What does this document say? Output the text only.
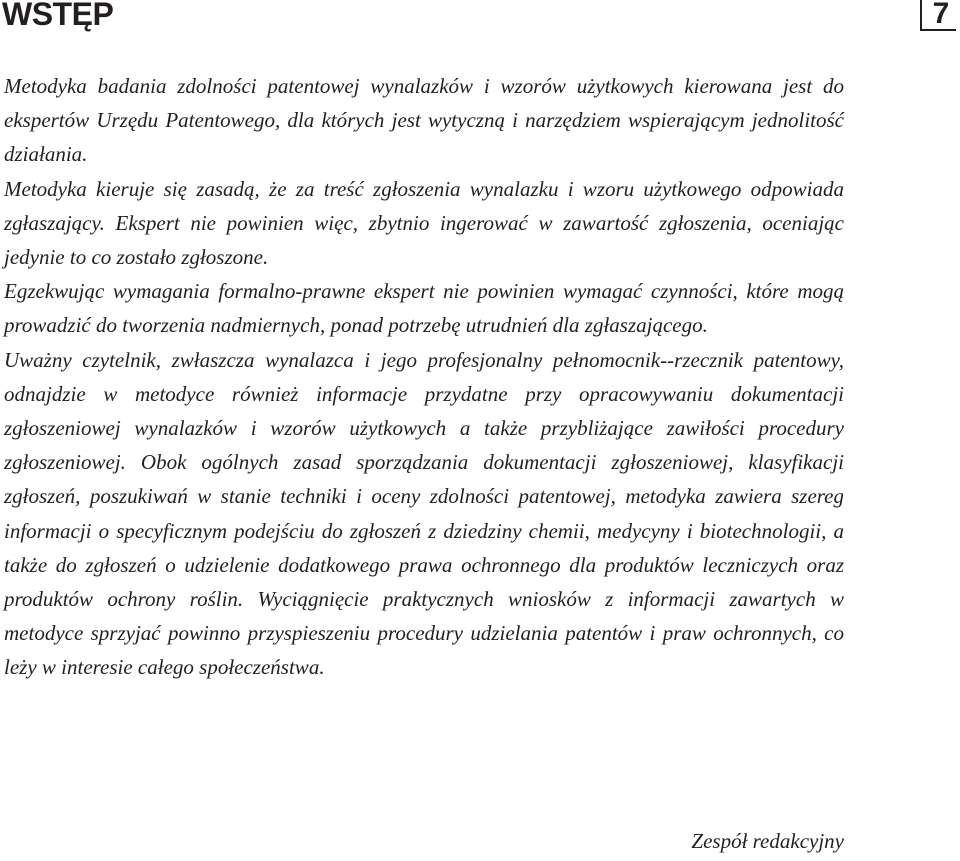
WSTĘP	7
Metodyka badania zdolności patentowej wynalazków i wzorów użytkowych kierowana jest do ekspertów Urzędu Patentowego, dla których jest wytyczną i narzędziem wspierającym jednolitość działania.
Metodyka kieruje się zasadą, że za treść zgłoszenia wynalazku i wzoru użytkowego odpowiada zgłaszający. Ekspert nie powinien więc, zbytnio ingerować w zawartość zgłoszenia, oceniając jedynie to co zostało zgłoszone.
Egzekwując wymagania formalno-prawne ekspert nie powinien wymagać czynności, które mogą prowadzić do tworzenia nadmiernych, ponad potrzebę utrudnień dla zgłaszającego.
Uważny czytelnik, zwłaszcza wynalazca i jego profesjonalny pełnomocnik--rzecznik patentowy, odnajdzie w metodyce również informacje przydatne przy opracowywaniu dokumentacji zgłoszeniowej wynalazków i wzorów użytkowych a także przybliżające zawiłości procedury zgłoszeniowej. Obok ogólnych zasad sporządzania dokumentacji zgłoszeniowej, klasyfikacji zgłoszeń, poszukiwań w stanie techniki i oceny zdolności patentowej, metodyka zawiera szereg informacji o specyficznym podejściu do zgłoszeń z dziedziny chemii, medycyny i biotechnologii, a także do zgłoszeń o udzielenie dodatkowego prawa ochronnego dla produktów leczniczych oraz produktów ochrony roślin. Wyciągnięcie praktycznych wniosków z informacji zawartych w metodyce sprzyjać powinno przyspieszeniu procedury udzielania patentów i praw ochronnych, co leży w interesie całego społeczeństwa.

Zespół redakcyjny
